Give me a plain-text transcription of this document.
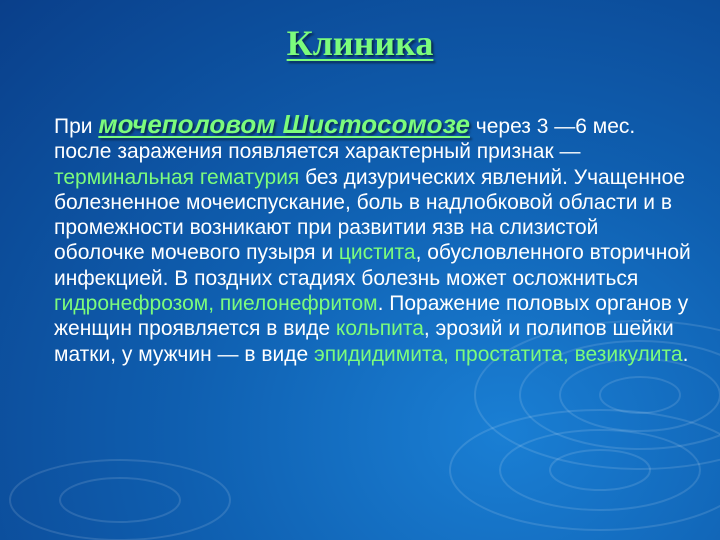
Клиника

При мочеполовом Шистосомозе через 3 —6 мес. после заражения появляется характерный признак — терминальная гематурия без дизурических явлений. Учащенное болезненное мочеиспускание, боль в надлобковой области и в промежности возникают при развитии язв на слизистой оболочке мочевого пузыря и цистита, обусловленного вторичной инфекцией. В поздних стадиях болезнь может осложниться гидронефрозом, пиелонефритом. Поражение половых органов у женщин проявляется в виде кольпита, эрозий и полипов шейки матки, у мужчин — в виде эпидидимита, простатита, везикулита.
